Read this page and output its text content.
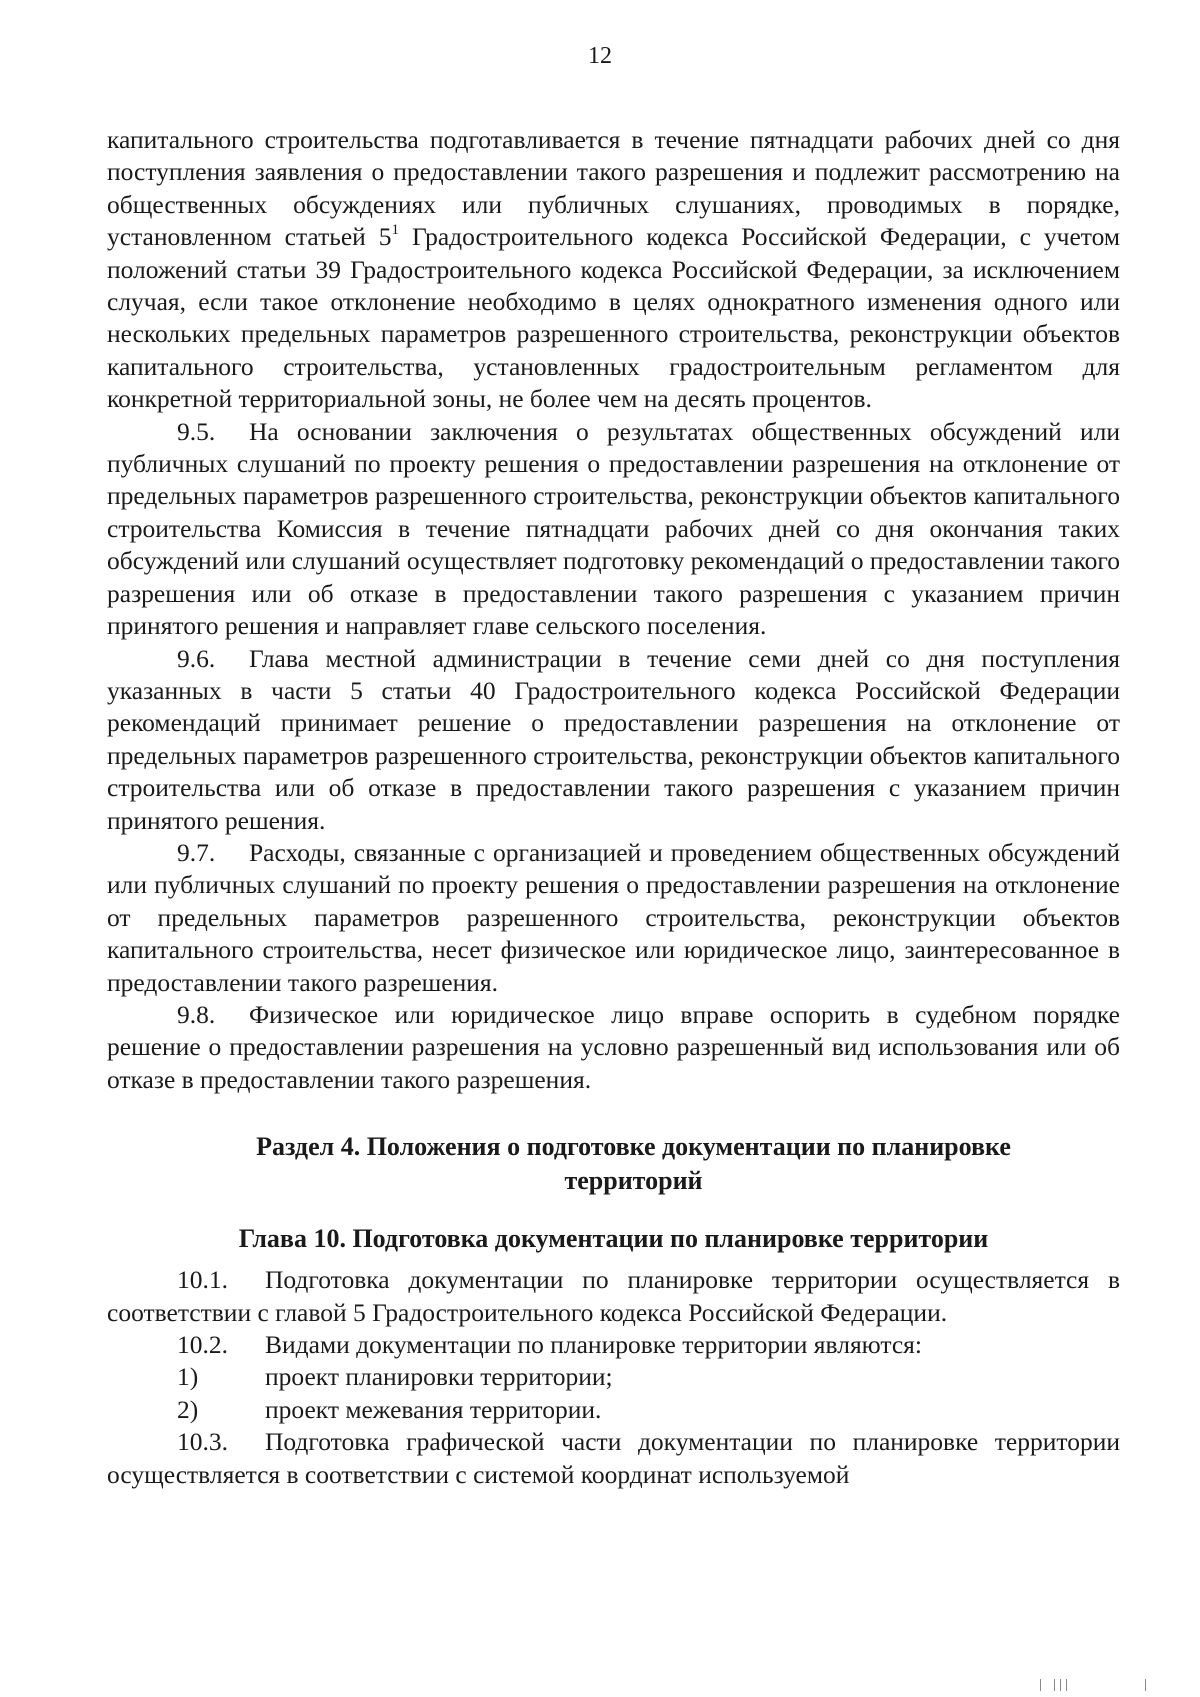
12

капитального строительства подготавливается в течение пятнадцати рабочих дней со дня поступления заявления о предоставлении такого разрешения и подлежит рассмотрению на общественных обсуждениях или публичных слушаниях, проводимых в порядке, установленном статьей $5^1$ Градостроительного кодекса Российской Федерации, с учетом положений статьи 39 Градостроительного кодекса Российской Федерации, за исключением случая, если такое отклонение необходимо в целях однократного изменения одного или нескольких предельных параметров разрешенного строительства, реконструкции объектов капитального строительства, установленных градостроительным регламентом для конкретной территориальной зоны, не более чем на десять процентов.

9.5. На основании заключения о результатах общественных обсуждений или публичных слушаний по проекту решения о предоставлении разрешения на отклонение от предельных параметров разрешенного строительства, реконструкции объектов капитального строительства Комиссия в течение пятнадцати рабочих дней со дня окончания таких обсуждений или слушаний осуществляет подготовку рекомендаций о предоставлении такого разрешения или об отказе в предоставлении такого разрешения с указанием причин принятого решения и направляет главе сельского поселения.

9.6. Глава местной администрации в течение семи дней со дня поступления указанных в части 5 статьи 40 Градостроительного кодекса Российской Федерации рекомендаций принимает решение о предоставлении разрешения на отклонение от предельных параметров разрешенного строительства, реконструкции объектов капитального строительства или об отказе в предоставлении такого разрешения с указанием причин принятого решения.

9.7. Расходы, связанные с организацией и проведением общественных обсуждений или публичных слушаний по проекту решения о предоставлении разрешения на отклонение от предельных параметров разрешенного строительства, реконструкции объектов капитального строительства, несет физическое или юридическое лицо, заинтересованное в предоставлении такого разрешения.

9.8. Физическое или юридическое лицо вправе оспорить в судебном порядке решение о предоставлении разрешения на условно разрешенный вид использования или об отказе в предоставлении такого разрешения.

Раздел 4. Положения о подготовке документации по планировке
территорий
Глава 10. Подготовка документации по планировке территории

10.1. Подготовка документации по планировке территории осуществляется в соответствии с главой 5 Градостроительного кодекса Российской Федерации.

10.2. Видами документации по планировке территории являются:

1)	проект планировки территории;

2)	проект межевания территории.

10.3. Подготовка графической части документации по планировке территории осуществляется в соответствии с системой координат используемой
